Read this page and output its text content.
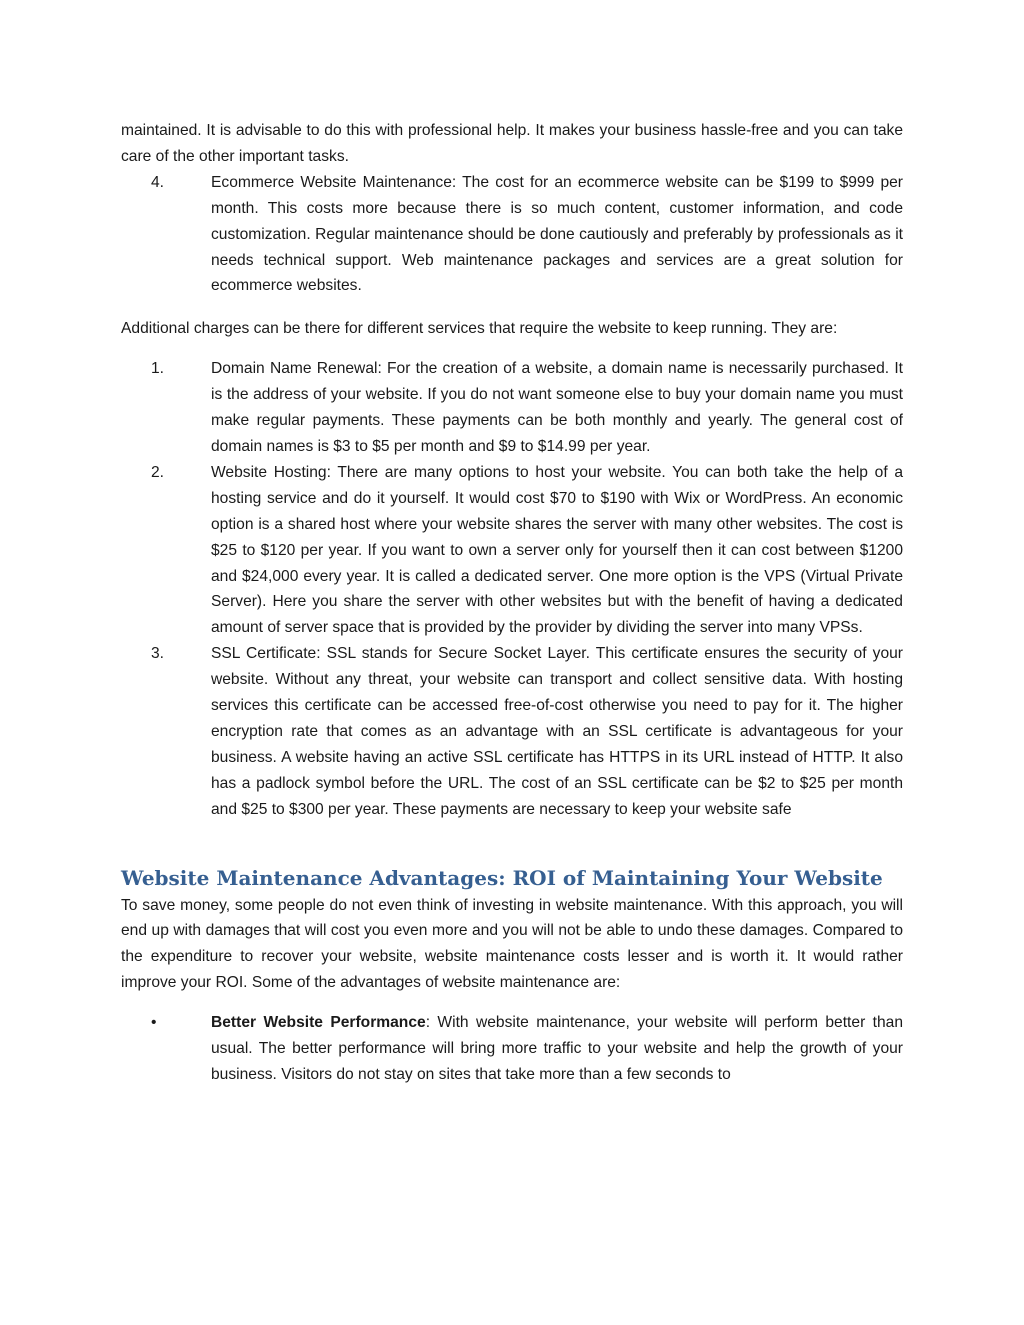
maintained. It is advisable to do this with professional help. It makes your business hassle-free and you can take care of the other important tasks.

4.	Ecommerce Website Maintenance: The cost for an ecommerce website can be $199 to $999 per month. This costs more because there is so much content, customer information, and code customization. Regular maintenance should be done cautiously and preferably by professionals as it needs technical support. Web maintenance packages and services are a great solution for ecommerce websites.

Additional charges can be there for different services that require the website to keep running. They are:

1.	Domain Name Renewal: For the creation of a website, a domain name is necessarily purchased. It is the address of your website. If you do not want someone else to buy your domain name you must make regular payments. These payments can be both monthly and yearly. The general cost of domain names is $3 to $5 per month and $9 to $14.99 per year.
2.	Website Hosting: There are many options to host your website. You can both take the help of a hosting service and do it yourself. It would cost $70 to $190 with Wix or WordPress. An economic option is a shared host where your website shares the server with many other websites. The cost is $25 to $120 per year. If you want to own a server only for yourself then it can cost between $1200 and $24,000 every year. It is called a dedicated server. One more option is the VPS (Virtual Private Server). Here you share the server with other websites but with the benefit of having a dedicated amount of server space that is provided by the provider by dividing the server into many VPSs.
3.	SSL Certificate: SSL stands for Secure Socket Layer. This certificate ensures the security of your website. Without any threat, your website can transport and collect sensitive data. With hosting services this certificate can be accessed free-of-cost otherwise you need to pay for it. The higher encryption rate that comes as an advantage with an SSL certificate is advantageous for your business. A website having an active SSL certificate has HTTPS in its URL instead of HTTP. It also has a padlock symbol before the URL. The cost of an SSL certificate can be $2 to $25 per month and $25 to $300 per year. These payments are necessary to keep your website safe
Website Maintenance Advantages: ROI of Maintaining Your Website

To save money, some people do not even think of investing in website maintenance. With this approach, you will end up with damages that will cost you even more and you will not be able to undo these damages. Compared to the expenditure to recover your website, website maintenance costs lesser and is worth it. It would rather improve your ROI. Some of the advantages of website maintenance are:

•	Better Website Performance: With website maintenance, your website will perform better than usual. The better performance will bring more traffic to your website and help the growth of your business. Visitors do not stay on sites that take more than a few seconds to
